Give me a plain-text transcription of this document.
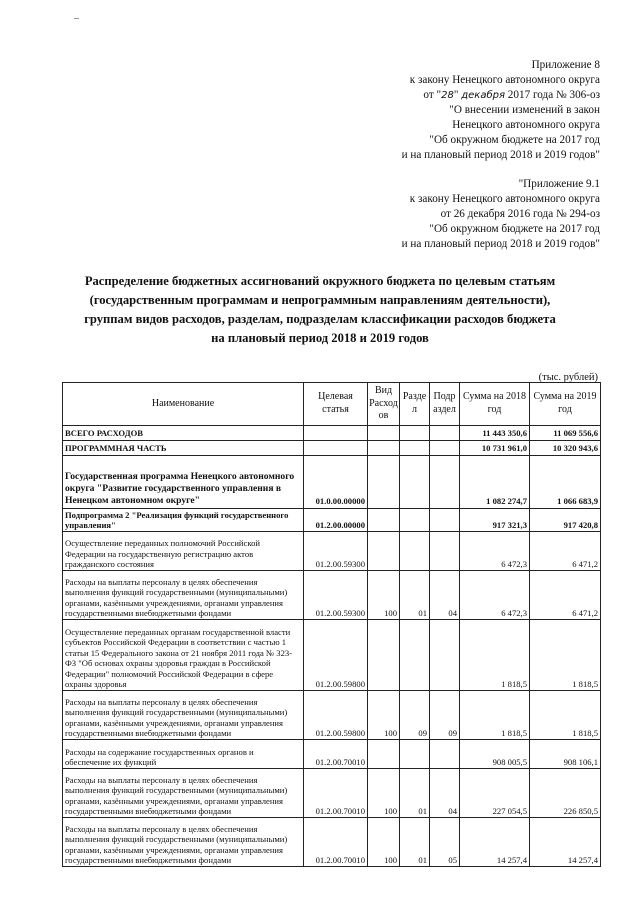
Приложение 8
к закону Ненецкого автономного округа
от "28" декабря 2017 года № 306-оз
"О внесении изменений в закон
Ненецкого автономного округа
"Об окружном бюджете на 2017 год
и на плановый период 2018 и 2019 годов"
"Приложение 9.1
к закону Ненецкого автономного округа
от 26 декабря 2016 года № 294-оз
"Об окружном бюджете на 2017 год
и на плановый период 2018 и 2019 годов"
Распределение бюджетных ассигнований окружного бюджета по целевым статьям
(государственным программам и непрограммным направлениям деятельности),
группам видов расходов, разделам, подразделам классификации расходов бюджета
на плановый период 2018 и 2019 годов
(тыс. рублей)
Наименование	Целевая статья	Вид Расход ов	Разде л	Подр аздел	Сумма на 2018 год	Сумма на 2019 год
ВСЕГО РАСХОДОВ					11 443 350,6	11 069 556,6
ПРОГРАММНАЯ ЧАСТЬ					10 731 961,0	10 320 943,6
Государственная программа Ненецкого автономного округа "Развитие государственного управления в Ненецком автономном округе"	01.0.00.00000				1 082 274,7	1 066 683,9
Подпрограмма 2 "Реализация функций государственного управления"	01.2.00.00000				917 321,3	917 420,8
Осуществление переданных полномочий Российской Федерации на государственную регистрацию актов гражданского состояния	01.2.00.59300				6 472,3	6 471,2
Расходы на выплаты персоналу в целях обеспечения выполнения функций государственными (муниципальными) органами, казёнными учреждениями, органами управления государственными внебюджетными фондами	01.2.00.59300	100	01	04	6 472,3	6 471,2
Осуществление переданных органам государственной власти субъектов Российской Федерации в соответствии с частью 1 статьи 15 Федерального закона от 21 ноября 2011 года № 323-ФЗ "Об основах охраны здоровья граждан в Российской Федерации" полномочий Российской Федерации в сфере охраны здоровья	01.2.00.59800				1 818,5	1 818,5
Расходы на выплаты персоналу в целях обеспечения выполнения функций государственными (муниципальными) органами, казёнными учреждениями, органами управления государственными внебюджетными фондами	01.2.00.59800	100	09	09	1 818,5	1 818,5
Расходы на содержание государственных органов и обеспечение их функций	01.2.00.70010				908 005,5	908 106,1
Расходы на выплаты персоналу в целях обеспечения выполнения функций государственными (муниципальными) органами, казёнными учреждениями, органами управления государственными внебюджетными фондами	01.2.00.70010	100	01	04	227 054,5	226 850,5
Расходы на выплаты персоналу в целях обеспечения выполнения функций государственными (муниципальными) органами, казёнными учреждениями, органами управления государственными внебюджетными фондами	01.2.00.70010	100	01	05	14 257,4	14 257,4
